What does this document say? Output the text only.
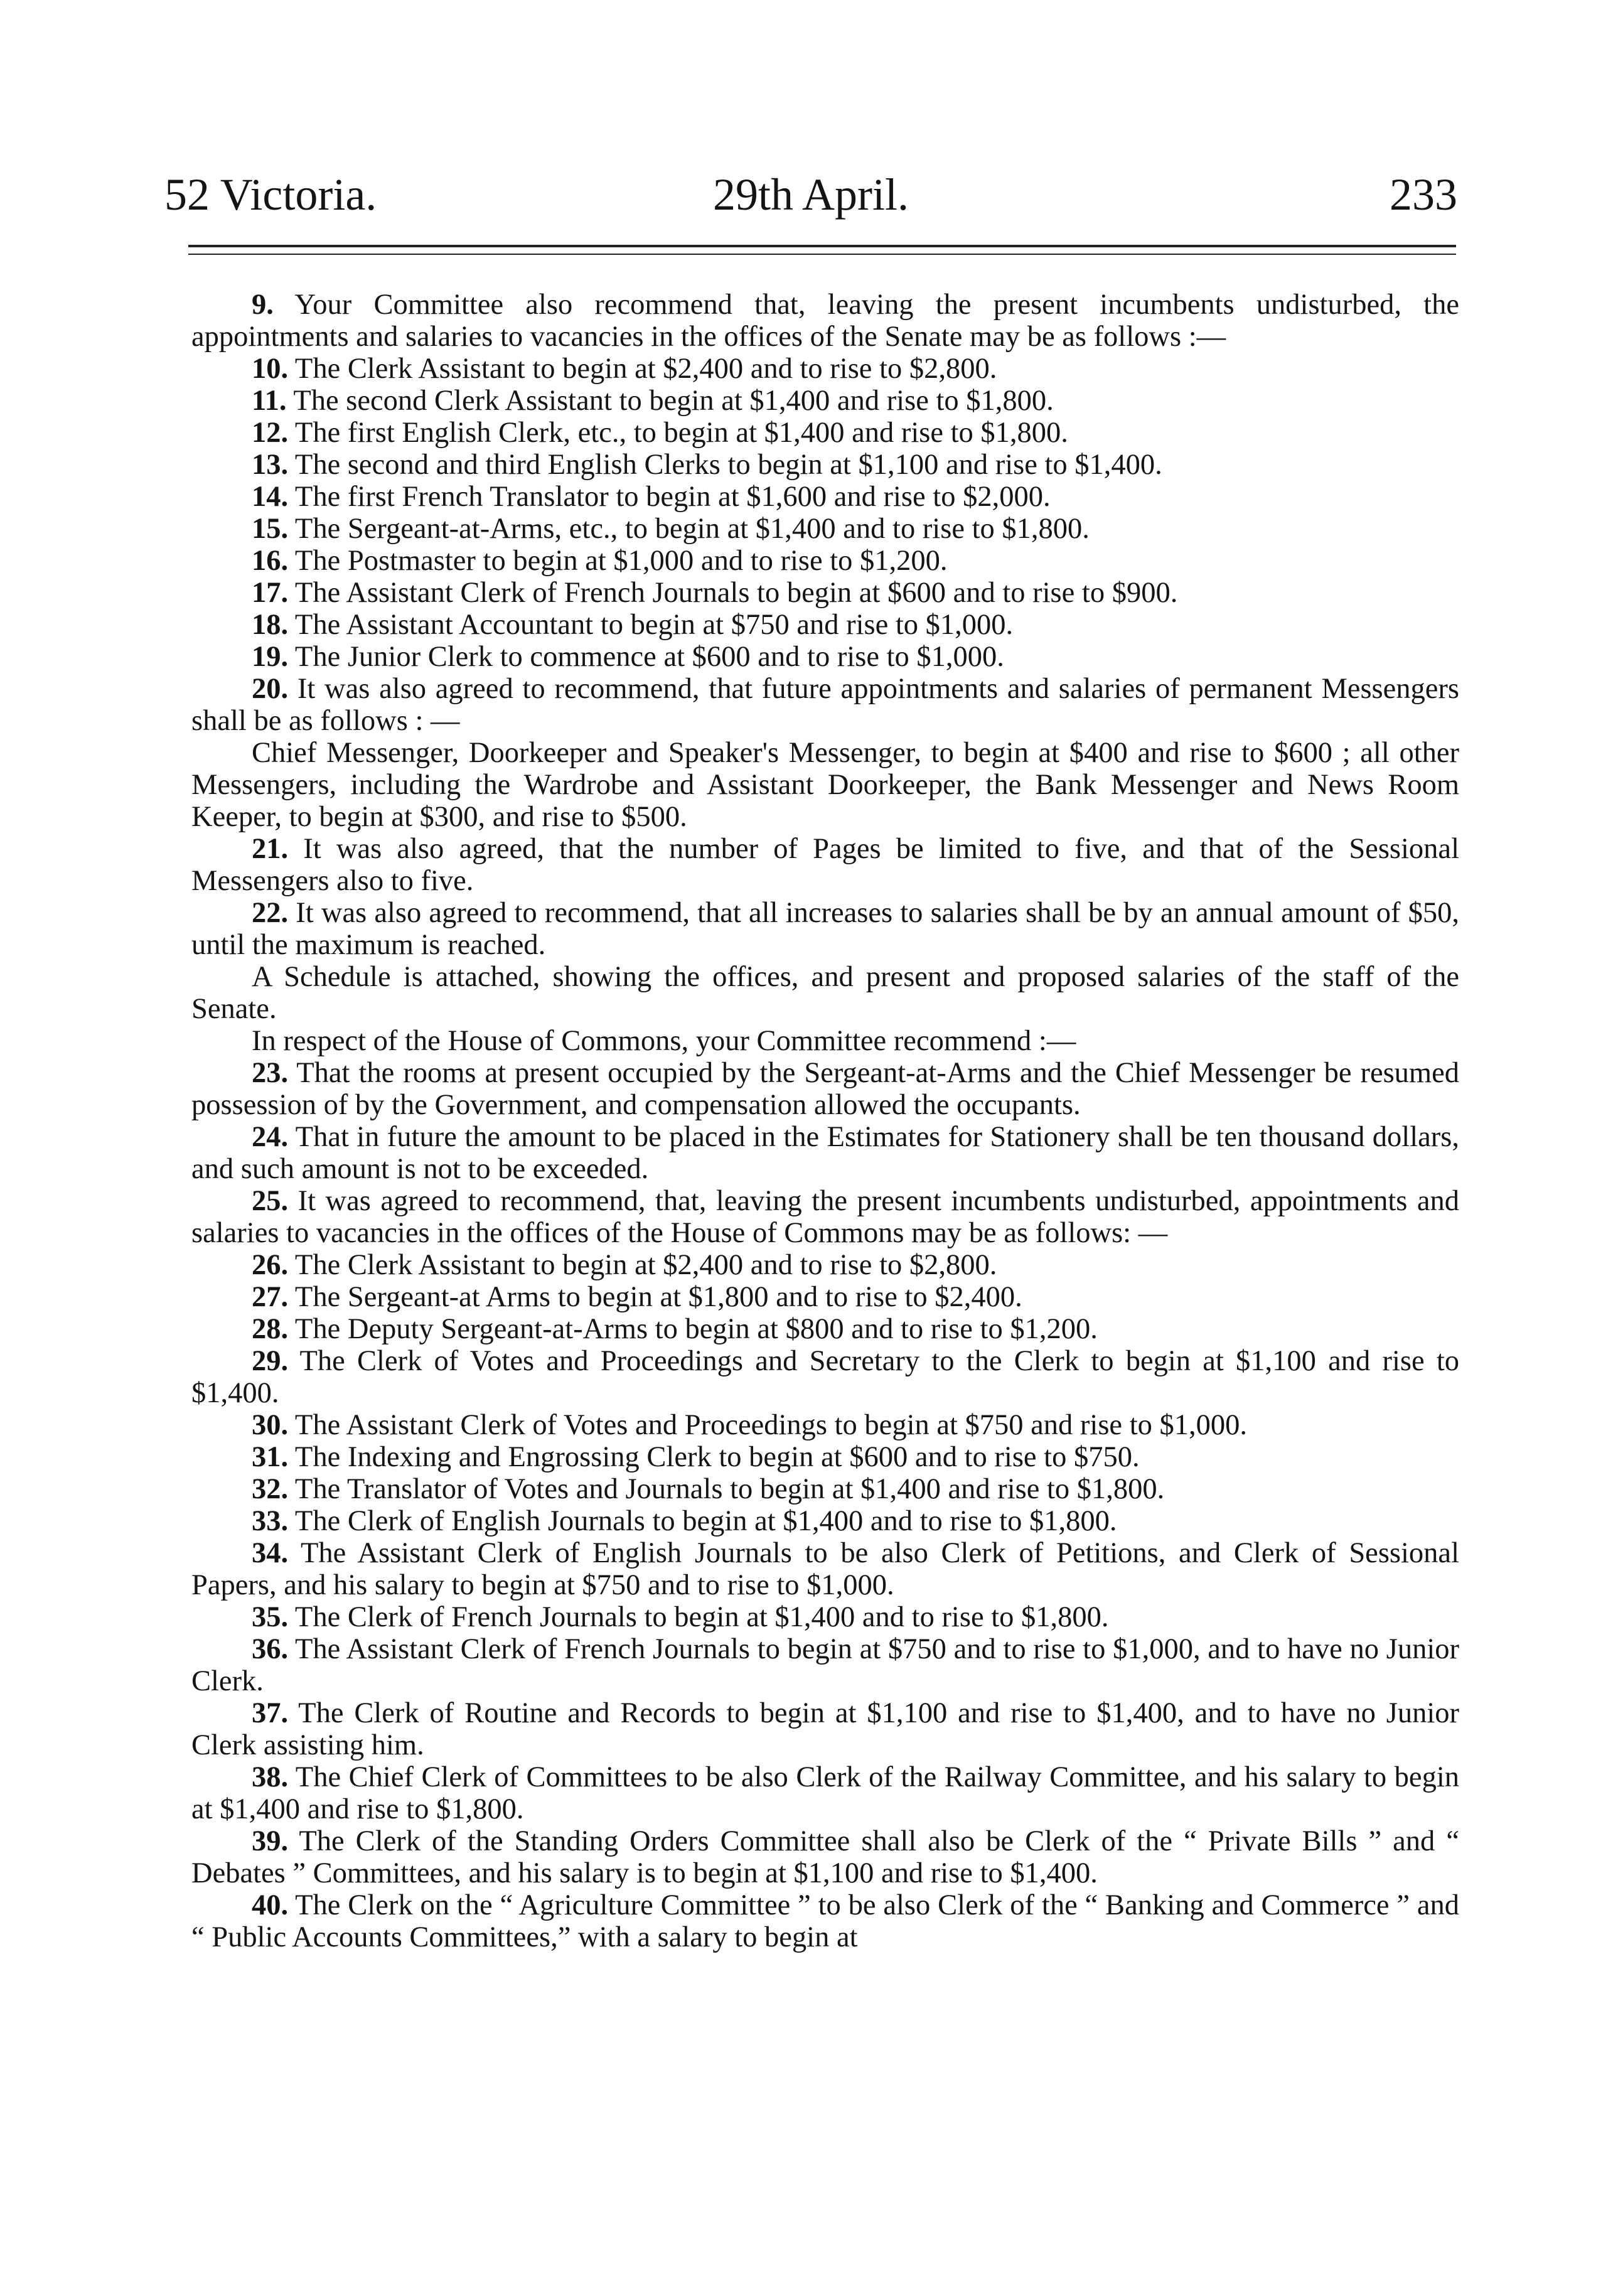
52 Victoria.	29th April.	233

9. Your Committee also recommend that, leaving the present incumbents undisturbed, the appointments and salaries to vacancies in the offices of the Senate may be as follows :—

10. The Clerk Assistant to begin at $2,400 and to rise to $2,800.

11. The second Clerk Assistant to begin at $1,400 and rise to $1,800.

12. The first English Clerk, etc., to begin at $1,400 and rise to $1,800.

13. The second and third English Clerks to begin at $1,100 and rise to $1,400.

14. The first French Translator to begin at $1,600 and rise to $2,000.

15. The Sergeant-at-Arms, etc., to begin at $1,400 and to rise to $1,800.

16. The Postmaster to begin at $1,000 and to rise to $1,200.

17. The Assistant Clerk of French Journals to begin at $600 and to rise to $900.

18. The Assistant Accountant to begin at $750 and rise to $1,000.

19. The Junior Clerk to commence at $600 and to rise to $1,000.

20. It was also agreed to recommend, that future appointments and salaries of permanent Messengers shall be as follows : —

Chief Messenger, Doorkeeper and Speaker's Messenger, to begin at $400 and rise to $600 ; all other Messengers, including the Wardrobe and Assistant Doorkeeper, the Bank Messenger and News Room Keeper, to begin at $300, and rise to $500.

21. It was also agreed, that the number of Pages be limited to five, and that of the Sessional Messengers also to five.

22. It was also agreed to recommend, that all increases to salaries shall be by an annual amount of $50, until the maximum is reached.

A Schedule is attached, showing the offices, and present and proposed salaries of the staff of the Senate.

In respect of the House of Commons, your Committee recommend :—

23. That the rooms at present occupied by the Sergeant-at-Arms and the Chief Messenger be resumed possession of by the Government, and compensation allowed the occupants.

24. That in future the amount to be placed in the Estimates for Stationery shall be ten thousand dollars, and such amount is not to be exceeded.

25. It was agreed to recommend, that, leaving the present incumbents undisturbed, appointments and salaries to vacancies in the offices of the House of Commons may be as follows: —

26. The Clerk Assistant to begin at $2,400 and to rise to $2,800.

27. The Sergeant-at Arms to begin at $1,800 and to rise to $2,400.

28. The Deputy Sergeant-at-Arms to begin at $800 and to rise to $1,200.

29. The Clerk of Votes and Proceedings and Secretary to the Clerk to begin at $1,100 and rise to $1,400.

30. The Assistant Clerk of Votes and Proceedings to begin at $750 and rise to $1,000.

31. The Indexing and Engrossing Clerk to begin at $600 and to rise to $750.

32. The Translator of Votes and Journals to begin at $1,400 and rise to $1,800.

33. The Clerk of English Journals to begin at $1,400 and to rise to $1,800.

34. The Assistant Clerk of English Journals to be also Clerk of Petitions, and Clerk of Sessional Papers, and his salary to begin at $750 and to rise to $1,000.

35. The Clerk of French Journals to begin at $1,400 and to rise to $1,800.

36. The Assistant Clerk of French Journals to begin at $750 and to rise to $1,000, and to have no Junior Clerk.

37. The Clerk of Routine and Records to begin at $1,100 and rise to $1,400, and to have no Junior Clerk assisting him.

38. The Chief Clerk of Committees to be also Clerk of the Railway Committee, and his salary to begin at $1,400 and rise to $1,800.

39. The Clerk of the Standing Orders Committee shall also be Clerk of the “ Private Bills ” and “ Debates ” Committees, and his salary is to begin at $1,100 and rise to $1,400.

40. The Clerk on the “ Agriculture Committee ” to be also Clerk of the “ Banking and Commerce ” and “ Public Accounts Committees,” with a salary to begin at
